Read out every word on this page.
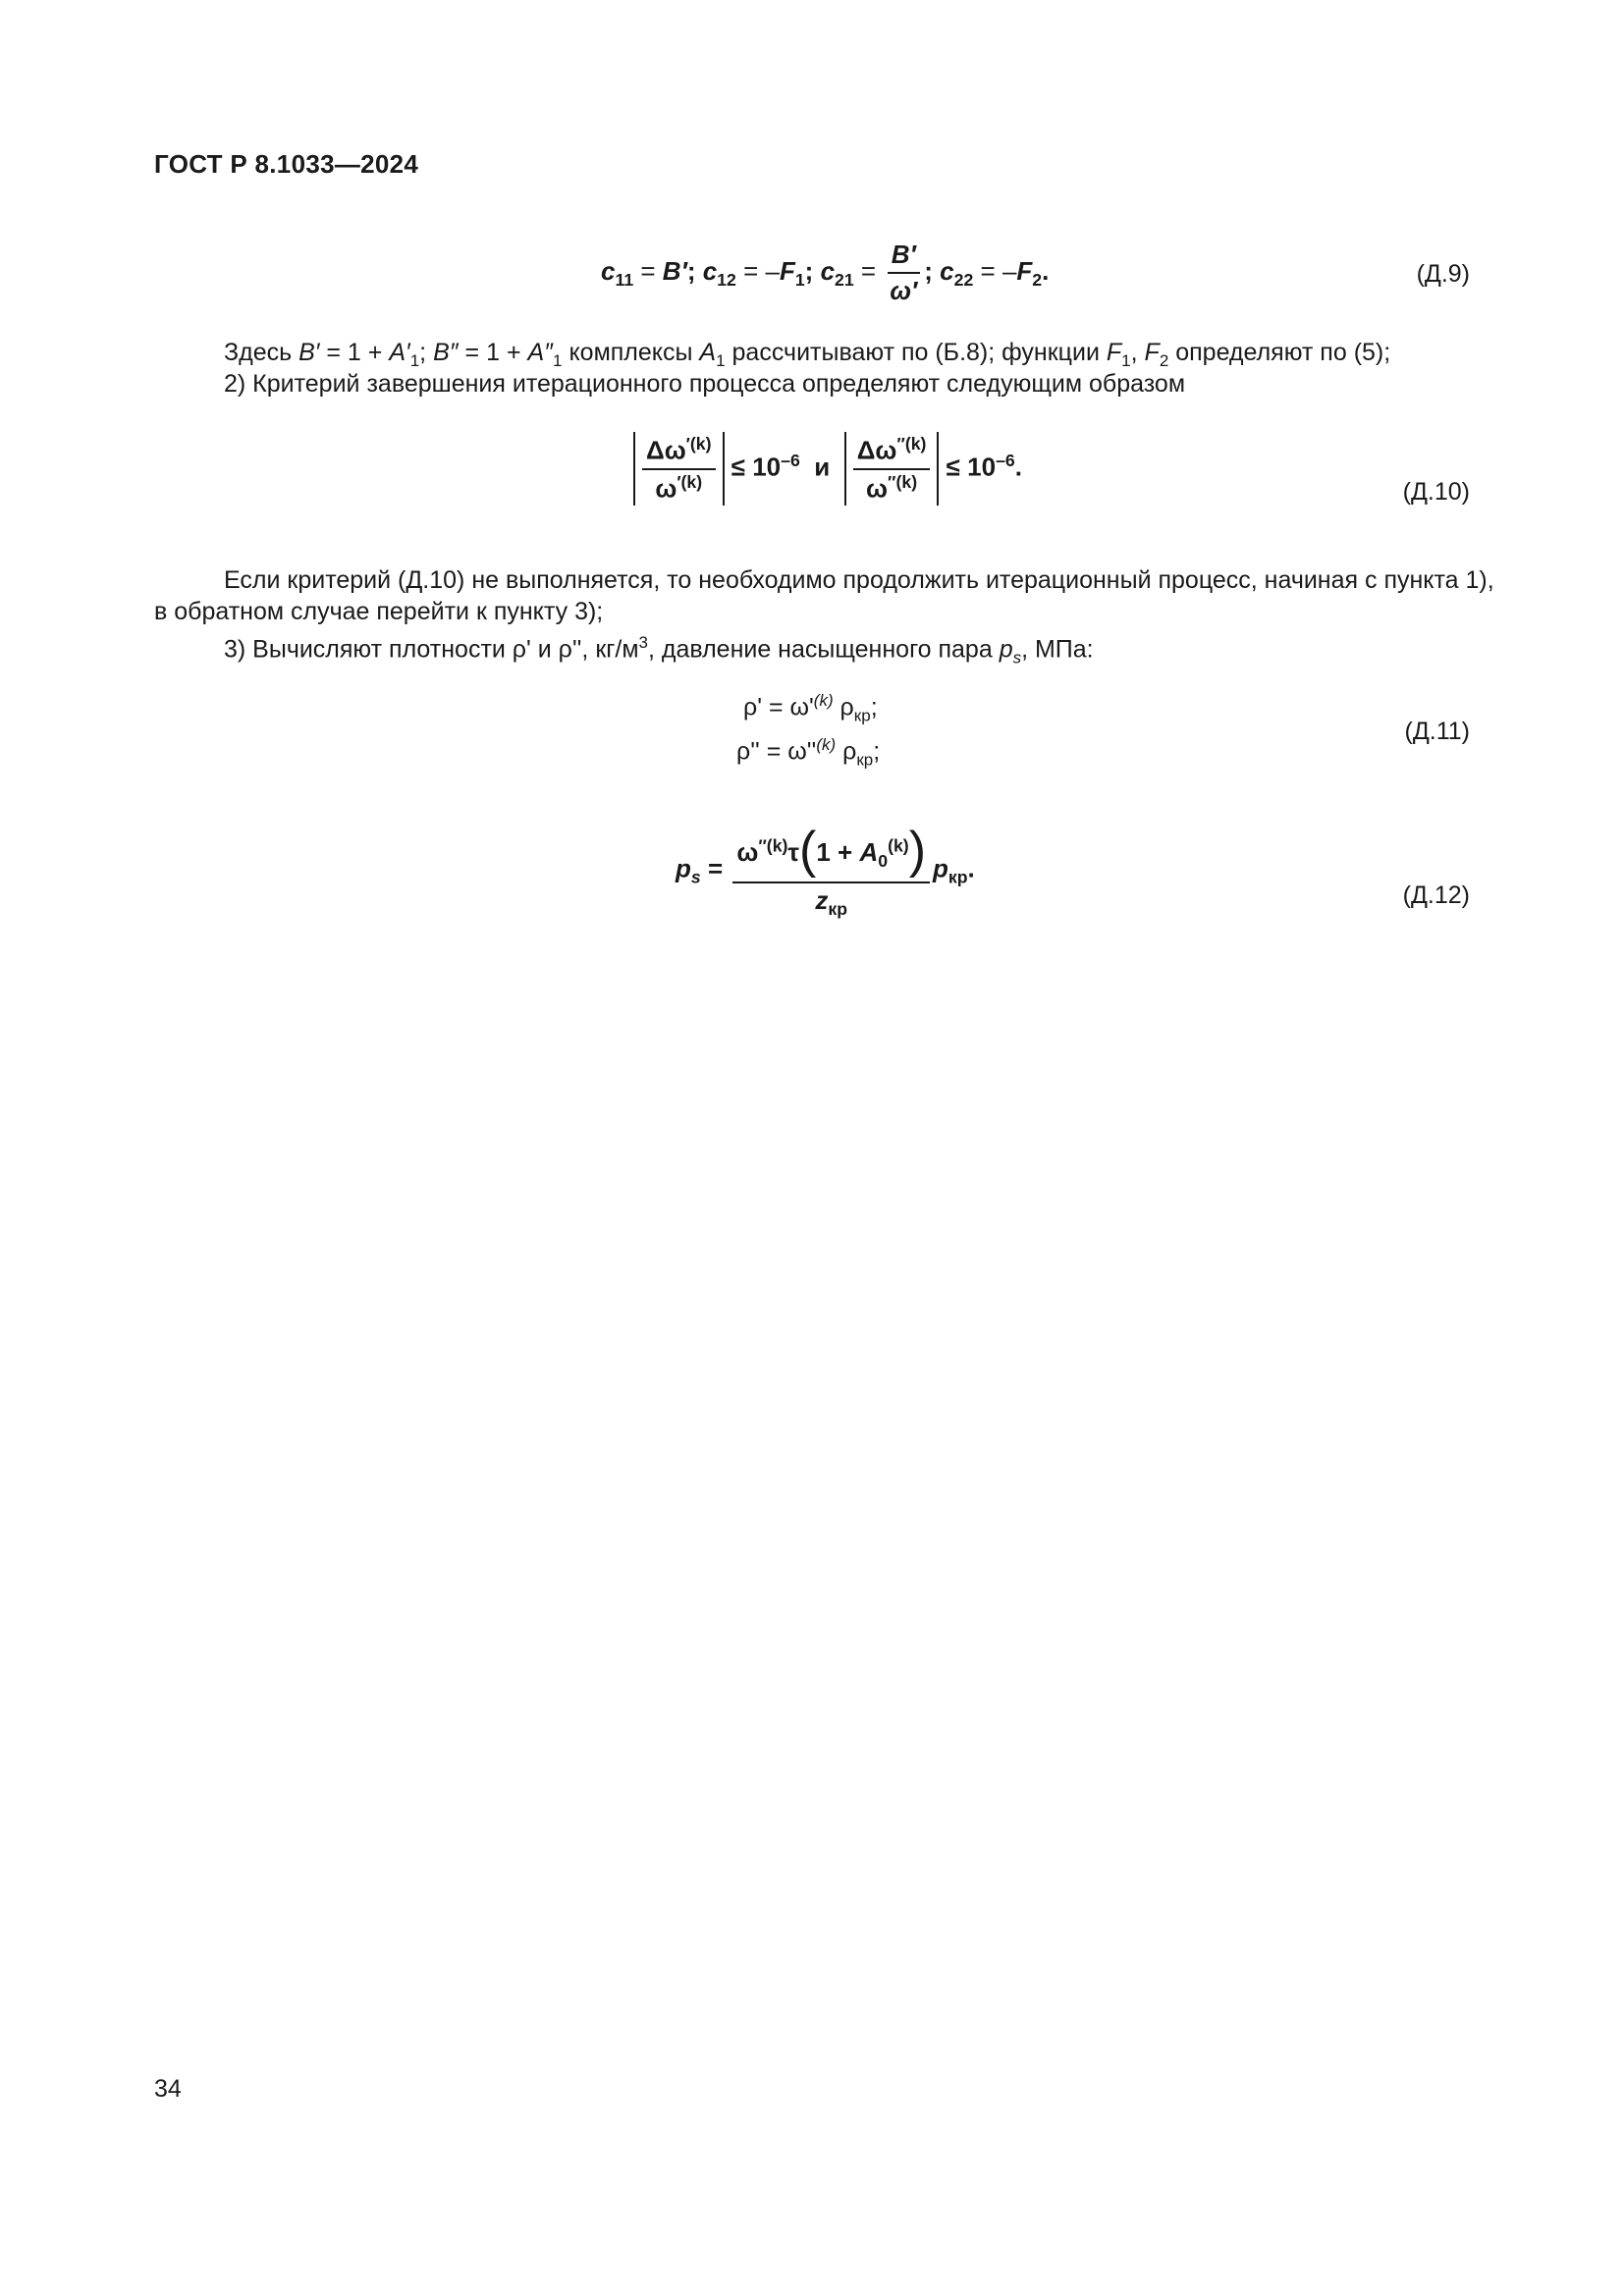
ГОСТ Р 8.1033—2024
$c_{11} = B'$; $c_{12} = -F_1$; $c_{21} = \frac{B'}{\omega'}$ ; $c_{22} = -F_2$.	(Д.9)
Здесь $B' = 1 + A'_1$; $B'' = 1 + A''_1$ комплексы $A_1$ рассчитывают по (Б.8); функции $F_1$, $F_2$ определяют по (5);
2) Критерий завершения итерационного процесса определяют следующим образом
$\frac{\Delta\omega^{'(k)}}{\omega^{'(k)}} \le 10^{-6}$  и $\frac{\Delta\omega^{''(k)}}{\omega^{''(k)}} \le 10^{-6}$.
(Д.10)
Если критерий (Д.10) не выполняется, то необходимо продолжить итерационный процесс, начиная с пункта 1),
в обратном случае перейти к пункту 3);
3) Вычисляют плотности ρ' и ρ'', $кг/м^3$, давление насыщенного пара $p_s$, МПа:
$\rho' = \omega'^{(k)}$ $\rho_{кр}$;
$\rho'' = \omega''^{(k)}$ $\rho_{кр}$;
(Д.11)
$p_s = \frac{\omega^{''(k)}\tau(1 + A_0^{(k)})}{z_{кр}} p_{кр}$.
(Д.12)
34
